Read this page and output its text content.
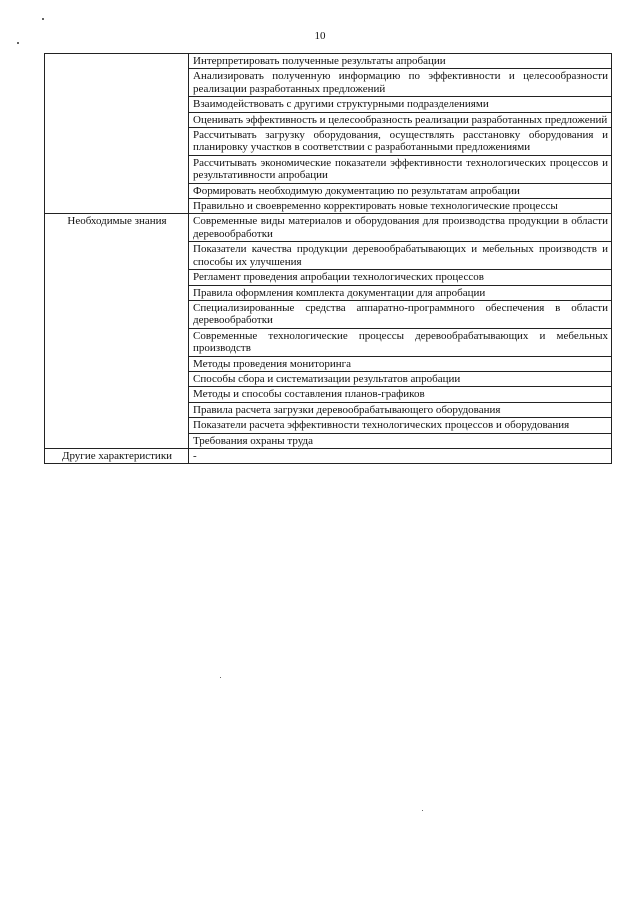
10
	Интерпретировать полученные результаты апробации
	Анализировать полученную информацию по эффективности и целесообразности реализации разработанных предложений
	Взаимодействовать с другими структурными подразделениями
	Оценивать эффективность и целесообразность реализации разработанных предложений
	Рассчитывать загрузку оборудования, осуществлять расстановку оборудования и планировку участков в соответствии с разработанными предложениями
	Рассчитывать экономические показатели эффективности технологических процессов и результативности апробации
	Формировать необходимую документацию по результатам апробации
	Правильно и своевременно корректировать новые технологические процессы
Необходимые знания	Современные виды материалов и оборудования для производства продукции в области деревообработки
	Показатели качества продукции деревообрабатывающих и мебельных производств и способы их улучшения
	Регламент проведения апробации технологических процессов
	Правила оформления комплекта документации для апробации
	Специализированные средства аппаратно-программного обеспечения в области деревообработки
	Современные технологические процессы деревообрабатывающих и мебельных производств
	Методы проведения мониторинга
	Способы сбора и систематизации результатов апробации
	Методы и способы составления планов-графиков
	Правила расчета загрузки деревообрабатывающего оборудования
	Показатели расчета эффективности технологических процессов и оборудования
	Требования охраны труда
Другие характеристики	-
